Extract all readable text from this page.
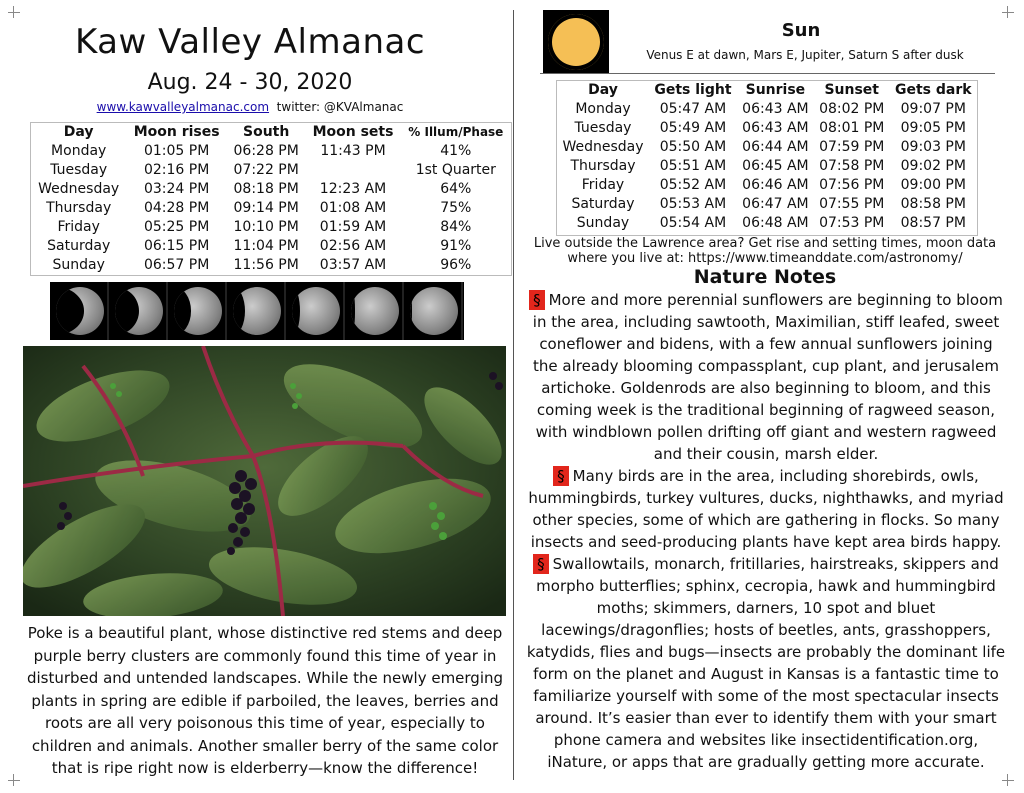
Kaw Valley Almanac
Aug. 24 - 30, 2020
www.kawvalleyalmanac.com twitter: @KVAlmanac
Day	Moon rises	South	Moon sets	% Illum/Phase
Monday	01:05 PM	06:28 PM	11:43 PM	41%
Tuesday	02:16 PM	07:22 PM		1st Quarter
Wednesday	03:24 PM	08:18 PM	12:23 AM	64%
Thursday	04:28 PM	09:14 PM	01:08 AM	75%
Friday	05:25 PM	10:10 PM	01:59 AM	84%
Saturday	06:15 PM	11:04 PM	02:56 AM	91%
Sunday	06:57 PM	11:56 PM	03:57 AM	96%
Poke is a beautiful plant, whose distinctive red stems and deep purple berry clusters are commonly found this time of year in disturbed and untended landscapes. While the newly emerging plants in spring are edible if parboiled, the leaves, berries and roots are all very poisonous this time of year, especially to children and animals. Another smaller berry of the same color that is ripe right now is elderberry—know the difference!
Sun
Venus E at dawn, Mars E, Jupiter, Saturn S after dusk
Day	Gets light	Sunrise	Sunset	Gets dark
Monday	05:47 AM	06:43 AM	08:02 PM	09:07 PM
Tuesday	05:49 AM	06:43 AM	08:01 PM	09:05 PM
Wednesday	05:50 AM	06:44 AM	07:59 PM	09:03 PM
Thursday	05:51 AM	06:45 AM	07:58 PM	09:02 PM
Friday	05:52 AM	06:46 AM	07:56 PM	09:00 PM
Saturday	05:53 AM	06:47 AM	07:55 PM	08:58 PM
Sunday	05:54 AM	06:48 AM	07:53 PM	08:57 PM
Live outside the Lawrence area? Get rise and setting times, moon data where you live at: https://www.timeanddate.com/astronomy/
Nature Notes
§ More and more perennial sunflowers are beginning to bloom in the area, including sawtooth, Maximilian, stiff leafed, sweet coneflower and bidens, with a few annual sunflowers joining the already blooming compassplant, cup plant, and jerusalem artichoke. Goldenrods are also beginning to bloom, and this coming week is the traditional beginning of ragweed season, with windblown pollen drifting off giant and western ragweed and their cousin, marsh elder.
§ Many birds are in the area, including shorebirds, owls, hummingbirds, turkey vultures, ducks, nighthawks, and myriad other species, some of which are gathering in flocks. So many insects and seed-producing plants have kept area birds happy.
§ Swallowtails, monarch, fritillaries, hairstreaks, skippers and morpho butterflies; sphinx, cecropia, hawk and hummingbird moths; skimmers, darners, 10 spot and bluet lacewings/dragonflies; hosts of beetles, ants, grasshoppers, katydids, flies and bugs—insects are probably the dominant life form on the planet and August in Kansas is a fantastic time to familiarize yourself with some of the most spectacular insects around. It’s easier than ever to identify them with your smart phone camera and websites like insectidentification.org, iNature, or apps that are gradually getting more accurate.
